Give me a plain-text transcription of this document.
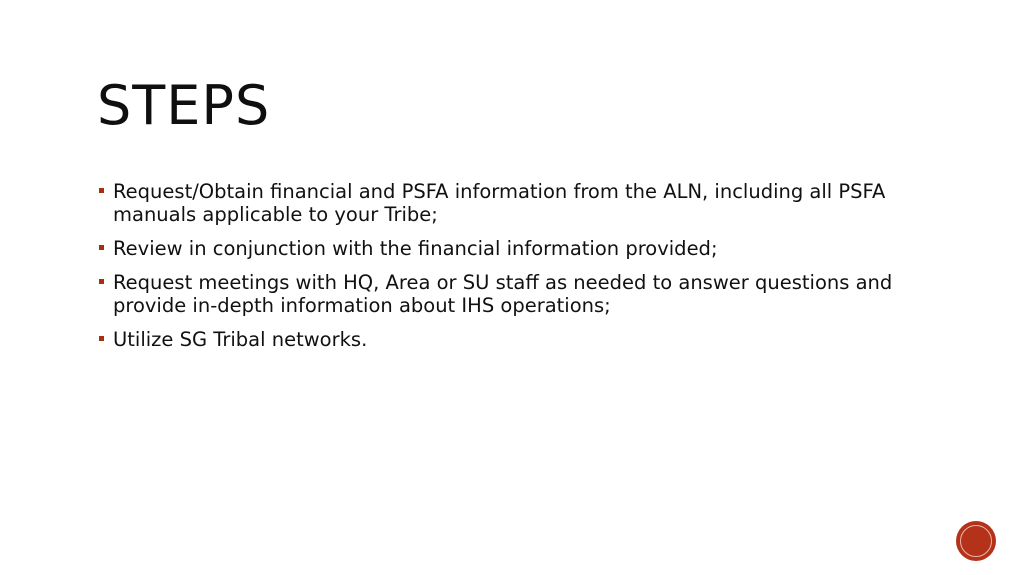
STEPS
Request/Obtain financial and PSFA information from the ALN, including all PSFA manuals applicable to your Tribe;
Review in conjunction with the financial information provided;
Request meetings with HQ, Area or SU staff as needed to answer questions and provide in-depth information about IHS operations;
Utilize SG Tribal networks.
